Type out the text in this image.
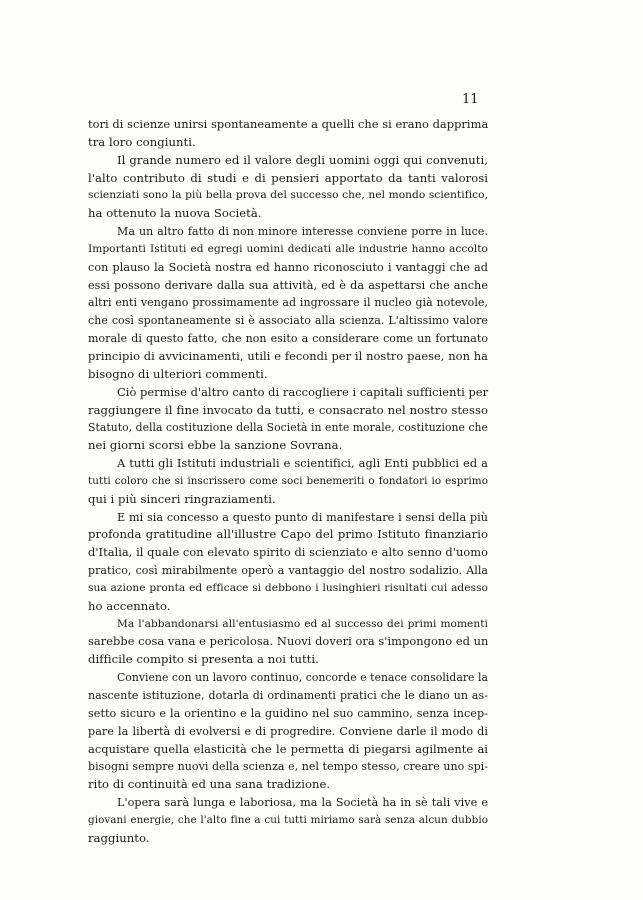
11
tori di scienze unirsi spontaneamente a quelli che si erano dapprima
tra loro congiunti.
Il grande numero ed il valore degli uomini oggi qui convenuti,
l'alto contributo di studi e di pensieri apportato da tanti valorosi
scienziati sono la più bella prova del successo che, nel mondo scientifico,
ha ottenuto la nuova Società.
Ma un altro fatto di non minore interesse conviene porre in luce.
Importanti Istituti ed egregi uomini dedicati alle industrie hanno accolto
con plauso la Società nostra ed hanno riconosciuto i vantaggi che ad
essi possono derivare dalla sua attività, ed è da aspettarsi che anche
altri enti vengano prossimamente ad ingrossare il nucleo già notevole,
che così spontaneamente si è associato alla scienza. L'altissimo valore
morale di questo fatto, che non esito a considerare come un fortunato
principio di avvicinamenti, utili e fecondi per il nostro paese, non ha
bisogno di ulteriori commenti.
Ciò permise d'altro canto di raccogliere i capitali sufficienti per
raggiungere il fine invocato da tutti, e consacrato nel nostro stesso
Statuto, della costituzione della Società in ente morale, costituzione che
nei giorni scorsi ebbe la sanzione Sovrana.
A tutti gli Istituti industriali e scientifici, agli Enti pubblici ed a
tutti coloro che si inscrissero come soci benemeriti o fondatori io esprimo
qui i più sinceri ringraziamenti.
E mi sia concesso a questo punto di manifestare i sensi della più
profonda gratitudine all'illustre Capo del primo Istituto finanziario
d'Italia, il quale con elevato spirito di scienziato e alto senno d'uomo
pratico, così mirabilmente operò a vantaggio del nostro sodalizio. Alla
sua azione pronta ed efficace si debbono i lusinghieri risultati cui adesso
ho accennato.
Ma l'abbandonarsi all'entusiasmo ed al successo dei primi momenti
sarebbe cosa vana e pericolosa. Nuovi doveri ora s'impongono ed un
difficile compito si presenta a noi tutti.
Conviene con un lavoro continuo, concorde e tenace consolidare la
nascente istituzione, dotarla di ordinamenti pratici che le diano un as-
setto sicuro e la orientino e la guidino nel suo cammino, senza incep-
pare la libertà di evolversi e di progredire. Conviene darle il modo di
acquistare quella elasticità che le permetta di piegarsi agilmente ai
bisogni sempre nuovi della scienza e, nel tempo stesso, creare uno spi-
rito di continuità ed una sana tradizione.
L'opera sarà lunga e laboriosa, ma la Società ha in sè tali vive e
giovani energie, che l'alto fine a cui tutti miriamo sarà senza alcun dubbio
raggiunto.
